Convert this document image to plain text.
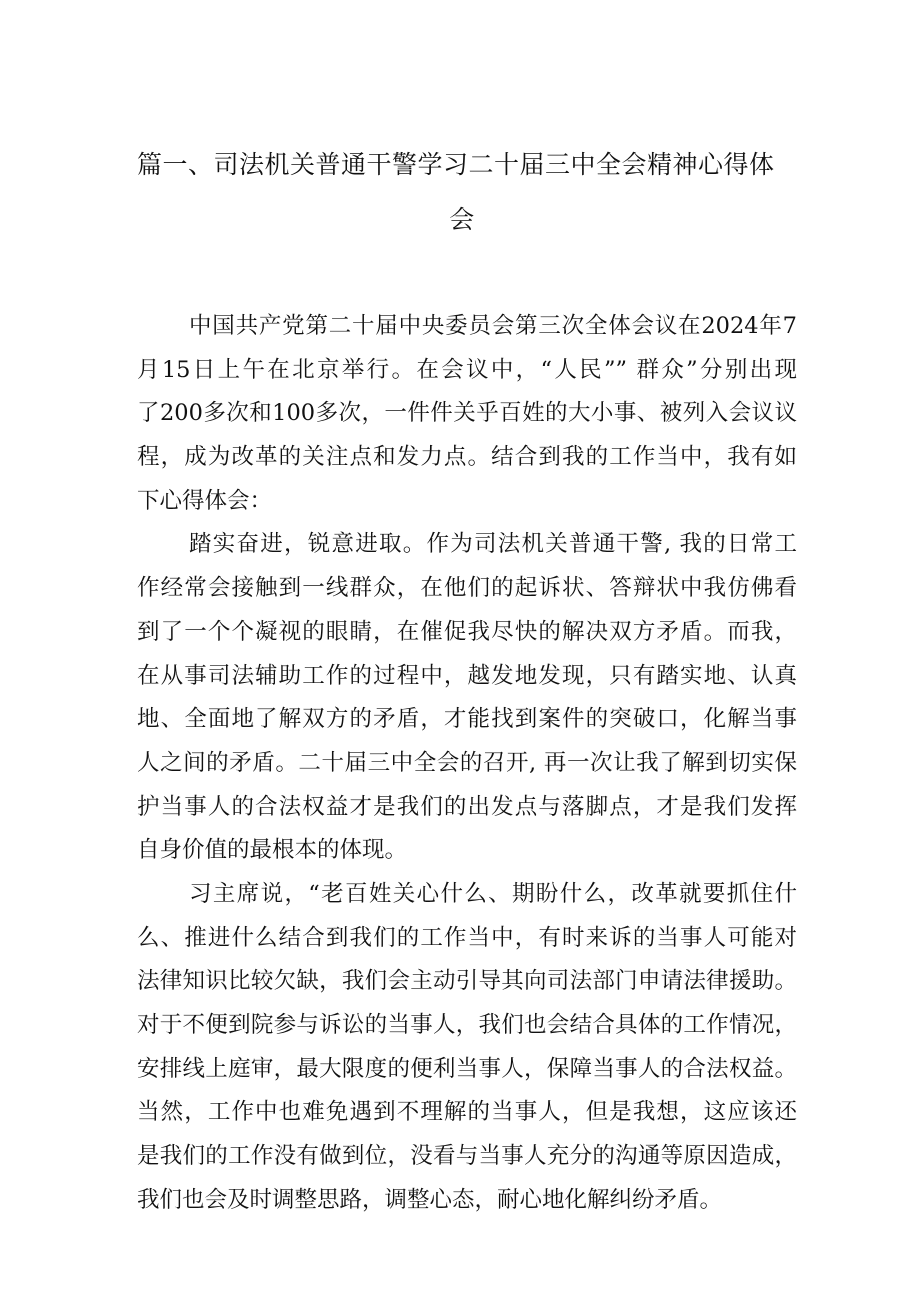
篇一、司法机关普通干警学习二十届三中全会精神心得体
会
中国共产党第二十届中央委员会第三次全体会议在2024年7
月15日上午在北京举行。在会议中，“人民”” 群众”分别出现
了200多次和100多次，一件件关乎百姓的大小事、被列入会议议
程，成为改革的关注点和发力点。结合到我的工作当中，我有如
下心得体会：
踏实奋进，锐意进取。作为司法机关普通干警, 我的日常工
作经常会接触到一线群众，在他们的起诉状、答辩状中我仿佛看
到了一个个凝视的眼睛，在催促我尽快的解决双方矛盾。而我，
在从事司法辅助工作的过程中，越发地发现，只有踏实地、认真
地、全面地了解双方的矛盾，才能找到案件的突破口，化解当事
人之间的矛盾。二十届三中全会的召开, 再一次让我了解到切实保
护当事人的合法权益才是我们的出发点与落脚点，才是我们发挥
自身价值的最根本的体现。
习主席说，“老百姓关心什么、期盼什么，改革就要抓住什
么、推进什么结合到我们的工作当中，有时来诉的当事人可能对
法律知识比较欠缺，我们会主动引导其向司法部门申请法律援助。
对于不便到院参与诉讼的当事人，我们也会结合具体的工作情况，
安排线上庭审，最大限度的便利当事人，保障当事人的合法权益。
当然，工作中也难免遇到不理解的当事人，但是我想，这应该还
是我们的工作没有做到位，没看与当事人充分的沟通等原因造成，
我们也会及时调整思路，调整心态，耐心地化解纠纷矛盾。
